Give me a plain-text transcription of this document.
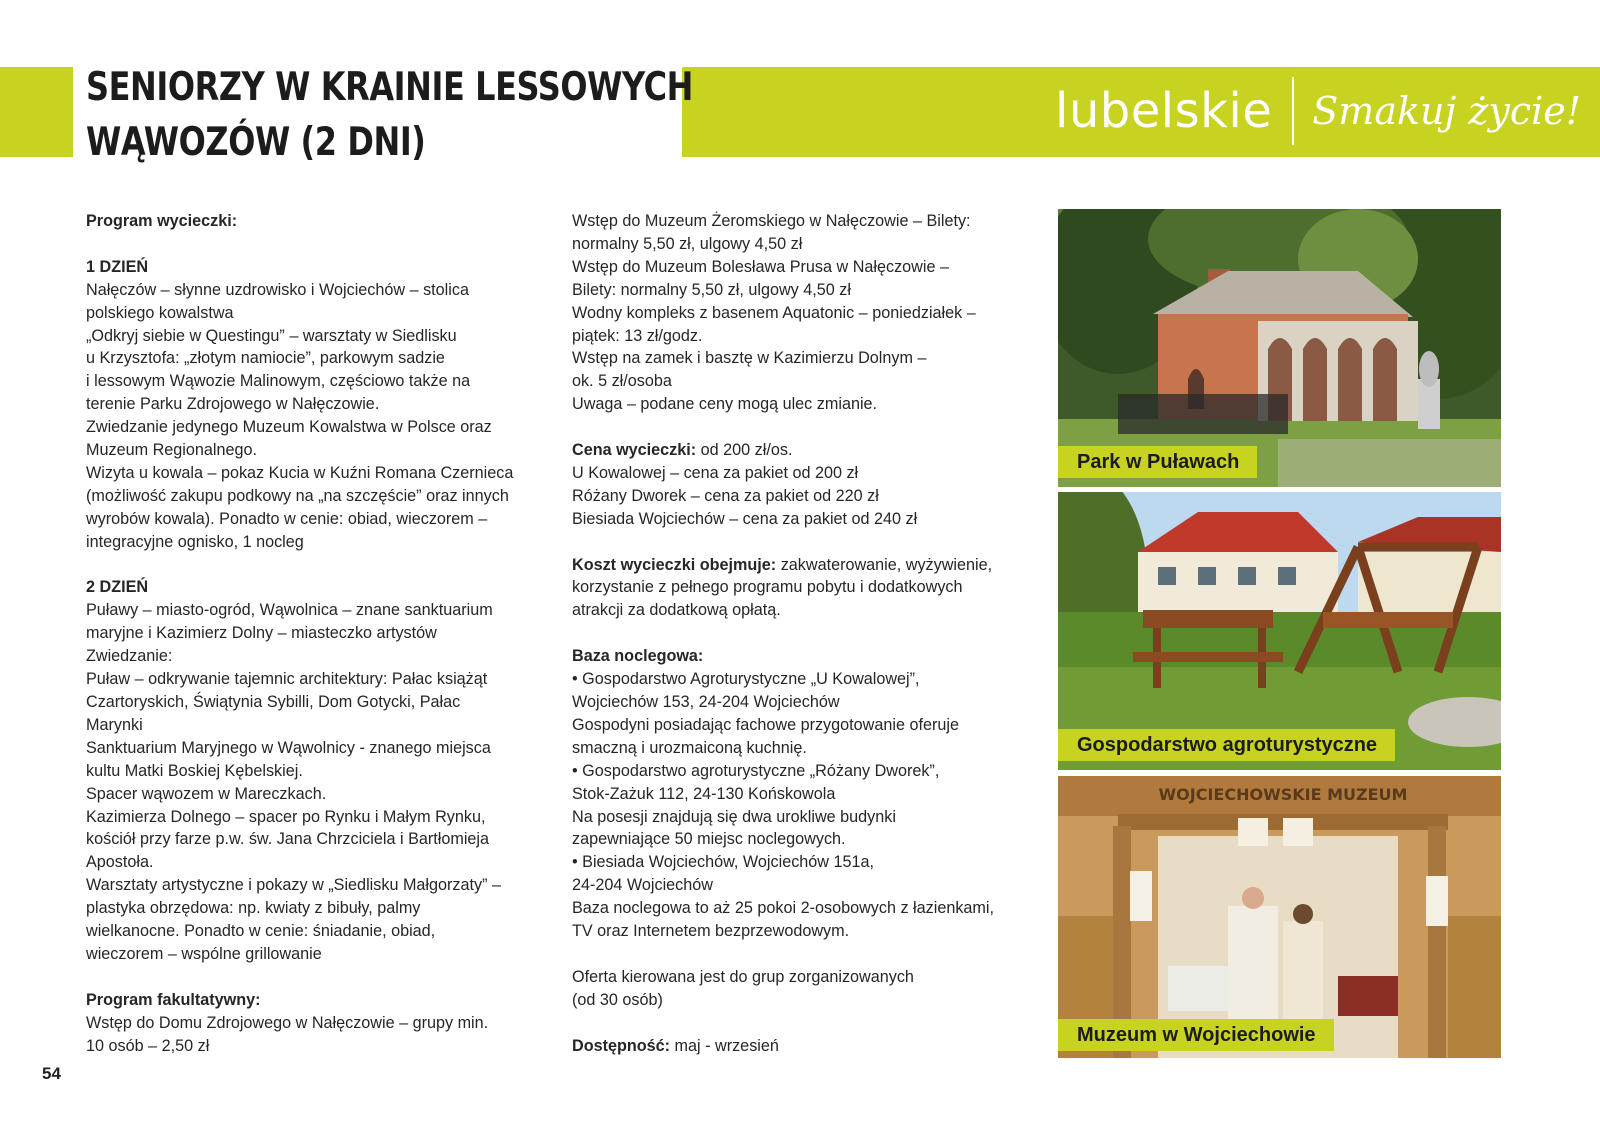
SENIORZY W KRAINIE LESSOWYCH
WĄWOZÓW (2 DNI)
lubelskie Smakuj życie!

Program wycieczki:

1 DZIEŃ

Nałęczów – słynne uzdrowisko i Wojciechów – stolica

polskiego kowalstwa

„Odkryj siebie w Questingu” – warsztaty w Siedlisku

u Krzysztofa: „złotym namiocie”, parkowym sadzie

i lessowym Wąwozie Malinowym, częściowo także na

terenie Parku Zdrojowego w Nałęczowie.

Zwiedzanie jedynego Muzeum Kowalstwa w Polsce oraz

Muzeum Regionalnego.

Wizyta u kowala – pokaz Kucia w Kuźni Romana Czernieca

(możliwość zakupu podkowy na „na szczęście” oraz innych

wyrobów kowala). Ponadto w cenie: obiad, wieczorem –

integracyjne ognisko, 1 nocleg

2 DZIEŃ

Puławy – miasto-ogród, Wąwolnica – znane sanktuarium

maryjne i Kazimierz Dolny – miasteczko artystów

Zwiedzanie:

Puław – odkrywanie tajemnic architektury: Pałac książąt

Czartoryskich, Świątynia Sybilli, Dom Gotycki, Pałac

Marynki

Sanktuarium Maryjnego w Wąwolnicy - znanego miejsca

kultu Matki Boskiej Kębelskiej.

Spacer wąwozem w Mareczkach.

Kazimierza Dolnego – spacer po Rynku i Małym Rynku,

kościół przy farze p.w. św. Jana Chrzciciela i Bartłomieja

Apostoła.

Warsztaty artystyczne i pokazy w „Siedlisku Małgorzaty” –

plastyka obrzędowa: np. kwiaty z bibuły, palmy

wielkanocne. Ponadto w cenie: śniadanie, obiad,

wieczorem – wspólne grillowanie

Program fakultatywny:

Wstęp do Domu Zdrojowego w Nałęczowie – grupy min.

10 osób – 2,50 zł

Wstęp do Muzeum Żeromskiego w Nałęczowie – Bilety:

normalny 5,50 zł, ulgowy 4,50 zł

Wstęp do Muzeum Bolesława Prusa w Nałęczowie –

Bilety: normalny 5,50 zł, ulgowy 4,50 zł

Wodny kompleks z basenem Aquatonic – poniedziałek –

piątek: 13 zł/godz.

Wstęp na zamek i basztę w Kazimierzu Dolnym –

ok. 5 zł/osoba

Uwaga – podane ceny mogą ulec zmianie.

Cena wycieczki: od 200 zł/os.

U Kowalowej – cena za pakiet od 200 zł

Różany Dworek – cena za pakiet od 220 zł

Biesiada Wojciechów – cena za pakiet od 240 zł

Koszt wycieczki obejmuje: zakwaterowanie, wyżywienie,

korzystanie z pełnego programu pobytu i dodatkowych

atrakcji za dodatkową opłatą.

Baza noclegowa:

• Gospodarstwo Agroturystyczne „U Kowalowej”,

Wojciechów 153, 24-204 Wojciechów

Gospodyni posiadając fachowe przygotowanie oferuje

smaczną i urozmaiconą kuchnię.

• Gospodarstwo agroturystyczne „Różany Dworek”,

Stok-Zażuk 112, 24-130 Końskowola

Na posesji znajdują się dwa urokliwe budynki

zapewniające 50 miejsc noclegowych.

• Biesiada Wojciechów, Wojciechów 151a,

24-204 Wojciechów

Baza noclegowa to aż 25 pokoi 2-osobowych z łazienkami,

TV oraz Internetem bezprzewodowym.

Oferta kierowana jest do grup zorganizowanych

(od 30 osób)

Dostępność: maj - wrzesień

Park w Puławach
Gospodarstwo agroturystyczne
WOJCIECHOWSKIE MUZEUM
Muzeum w Wojciechowie
54
